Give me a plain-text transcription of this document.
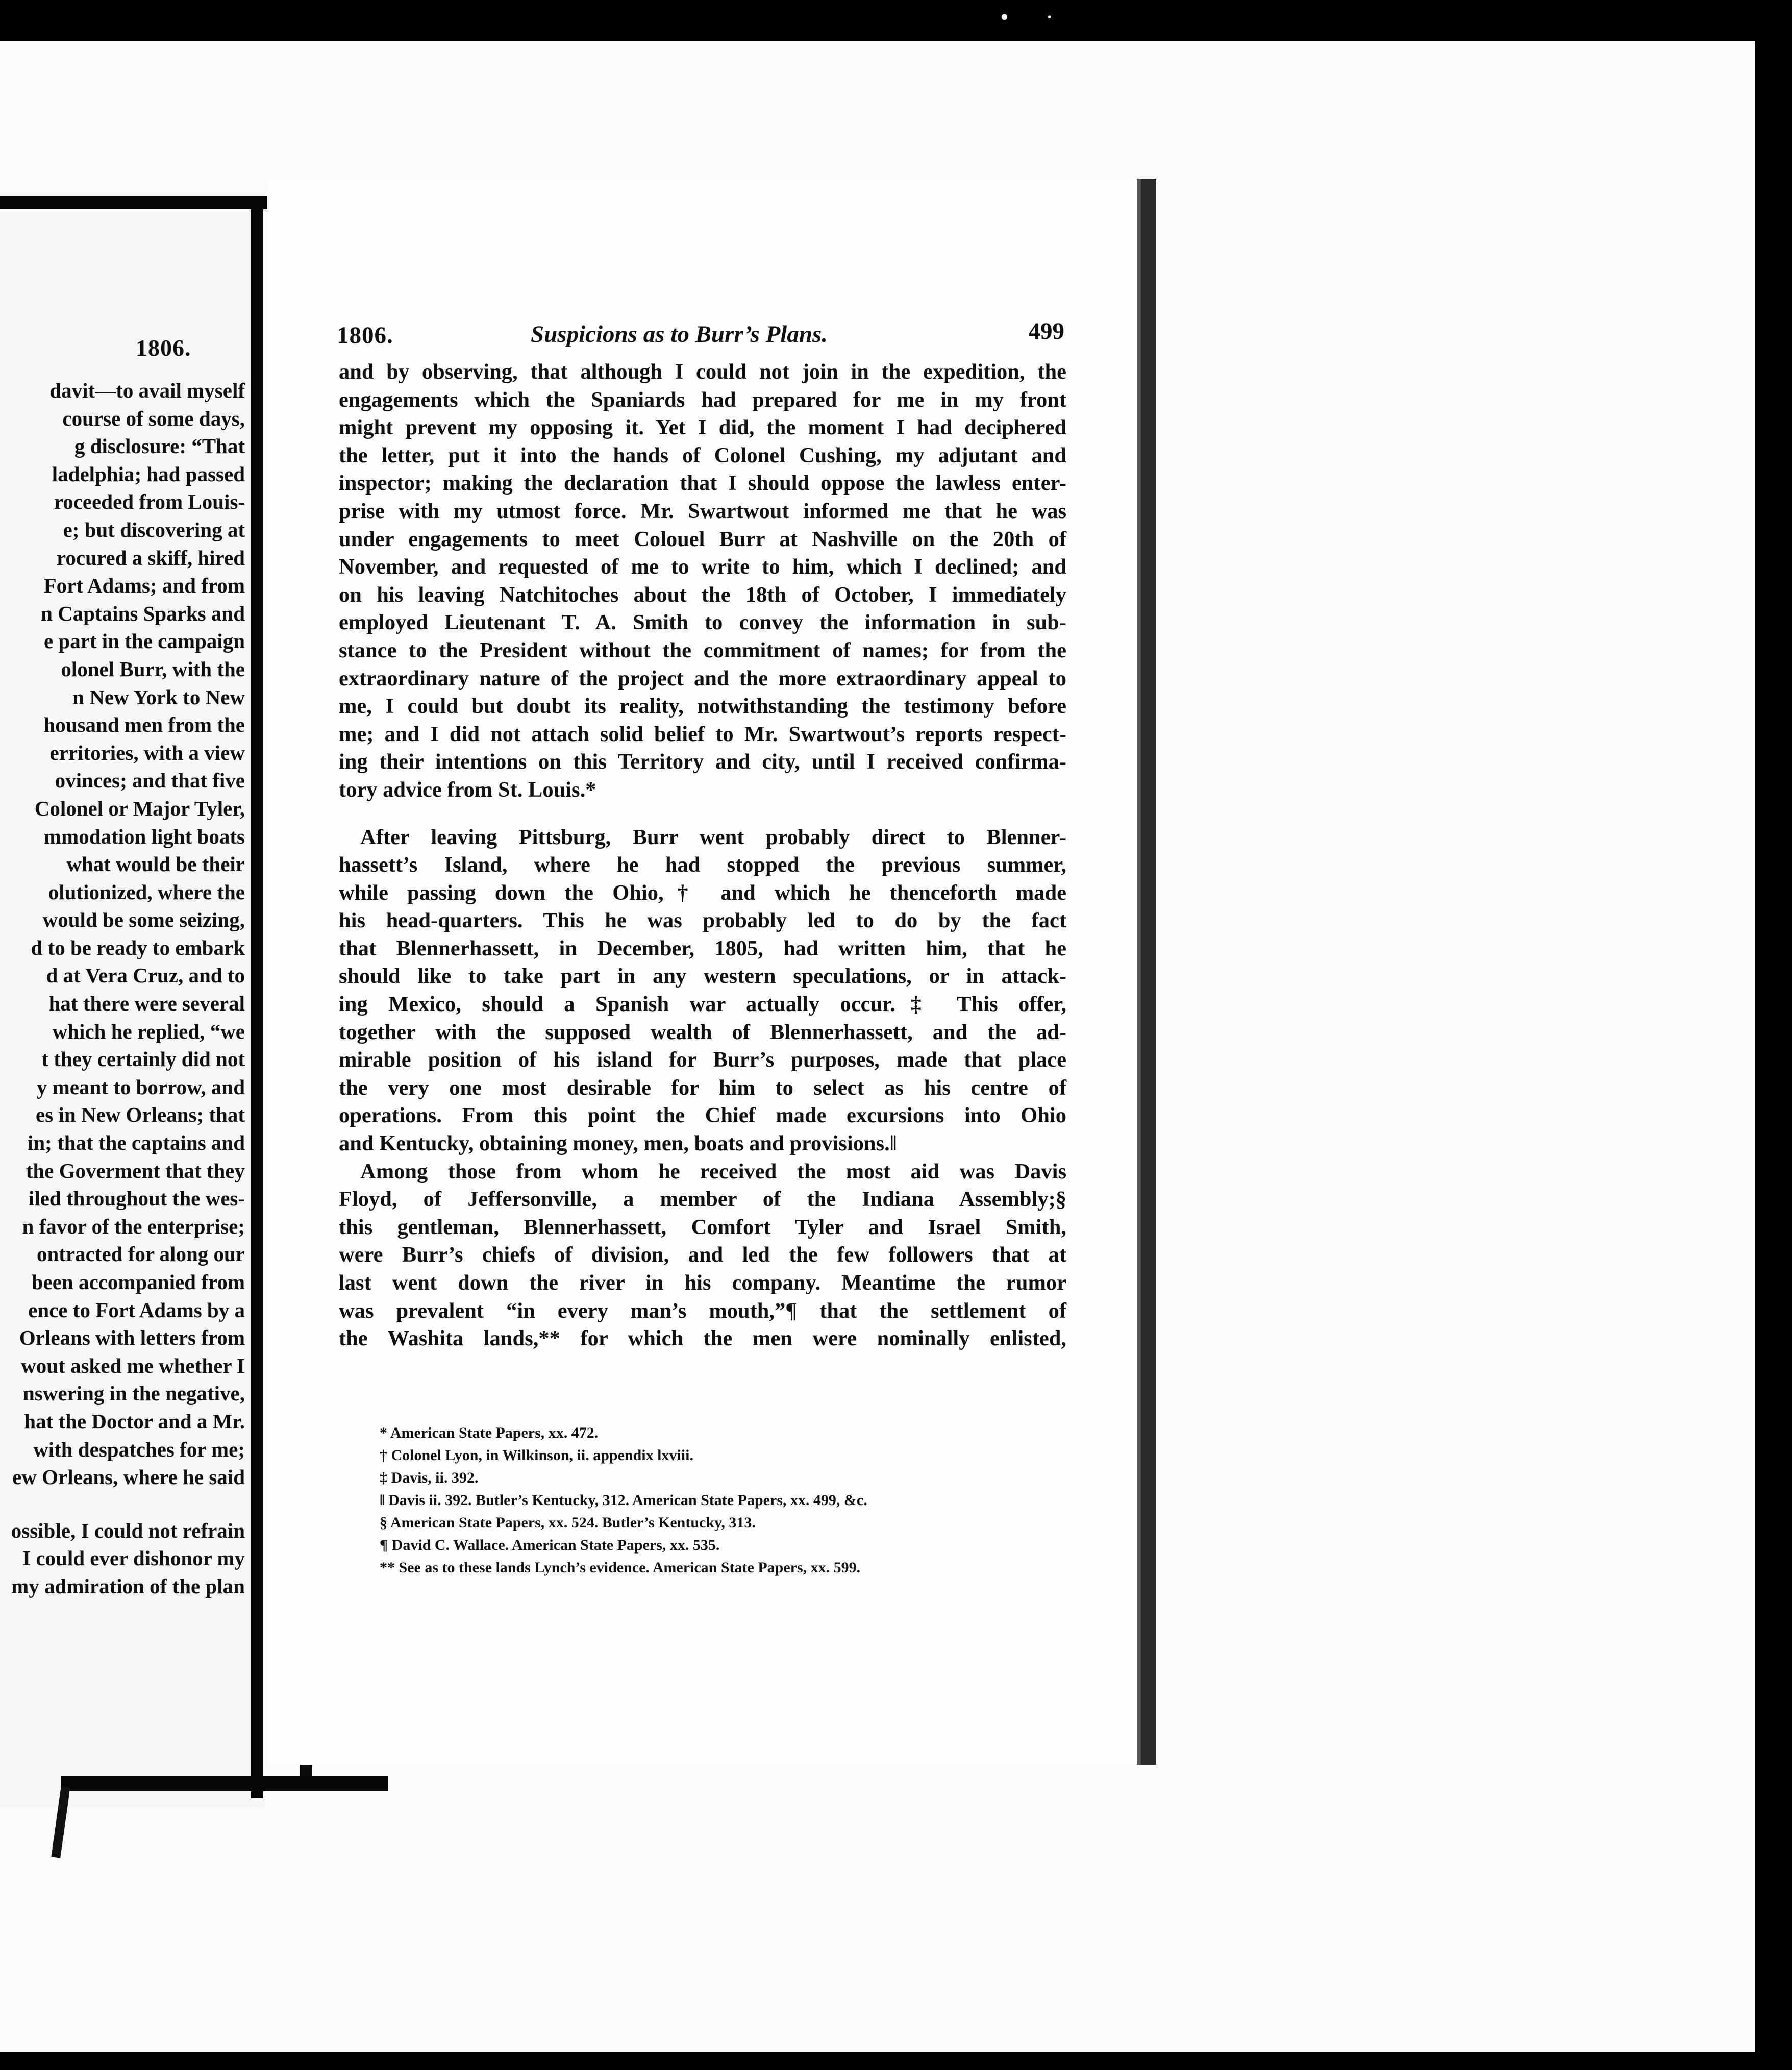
• ·
1806.
davit—to avail myself
course of some days,
g disclosure: “That
ladelphia; had passed
roceeded from Louis-
e; but discovering at
rocured a skiff, hired
Fort Adams; and from
n Captains Sparks and
e part in the campaign
olonel Burr, with the
n New York to New
housand men from the
erritories, with a view
ovinces; and that five
Colonel or Major Tyler,
mmodation light boats
what would be their
olutionized, where the
would be some seizing,
d to be ready to embark
d at Vera Cruz, and to
hat there were several
which he replied, “we
t they certainly did not
y meant to borrow, and
es in New Orleans; that
in; that the captains and
the Goverment that they
iled throughout the wes-
n favor of the enterprise;
ontracted for along our
been accompanied from
ence to Fort Adams by a
Orleans with letters from
wout asked me whether I
nswering in the negative,
hat the Doctor and a Mr.
with despatches for me;
ew Orleans, where he said
ossible, I could not refrain
I could ever dishonor my
my admiration of the plan
1806.	Suspicions as to Burr’s Plans.	499

and by observing, that although I could not join in the expedition, the
engagements which the Spaniards had prepared for me in my front
might prevent my opposing it. Yet I did, the moment I had deciphered
the letter, put it into the hands of Colonel Cushing, my adjutant and
inspector; making the declaration that I should oppose the lawless enter-
prise with my utmost force. Mr. Swartwout informed me that he was
under engagements to meet Colouel Burr at Nashville on the 20th of
November, and requested of me to write to him, which I declined; and
on his leaving Natchitoches about the 18th of October, I immediately
employed Lieutenant T. A. Smith to convey the information in sub-
stance to the President without the commitment of names; for from the
extraordinary nature of the project and the more extraordinary appeal to
me, I could but doubt its reality, notwithstanding the testimony before
me; and I did not attach solid belief to Mr. Swartwout’s reports respect-
ing their intentions on this Territory and city, until I received confirma-
tory advice from St. Louis.*

After leaving Pittsburg, Burr went probably direct to Blenner-
hassett’s Island, where he had stopped the previous summer,
while passing down the Ohio,† and which he thenceforth made
his head-quarters. This he was probably led to do by the fact
that Blennerhassett, in December, 1805, had written him, that he
should like to take part in any western speculations, or in attack-
ing Mexico, should a Spanish war actually occur.‡ This offer,
together with the supposed wealth of Blennerhassett, and the ad-
mirable position of his island for Burr’s purposes, made that place
the very one most desirable for him to select as his centre of
operations. From this point the Chief made excursions into Ohio
and Kentucky, obtaining money, men, boats and provisions.‖

Among those from whom he received the most aid was Davis
Floyd, of Jeffersonville, a member of the Indiana Assembly;§
this gentleman, Blennerhassett, Comfort Tyler and Israel Smith,
were Burr’s chiefs of division, and led the few followers that at
last went down the river in his company. Meantime the rumor
was prevalent “in every man’s mouth,”¶ that the settlement of
the Washita lands,** for which the men were nominally enlisted,

* American State Papers, xx. 472.
† Colonel Lyon, in Wilkinson, ii. appendix lxviii.
‡ Davis, ii. 392.
‖ Davis ii. 392. Butler’s Kentucky, 312. American State Papers, xx. 499, &c.
§ American State Papers, xx. 524. Butler’s Kentucky, 313.
¶ David C. Wallace. American State Papers, xx. 535.
** See as to these lands Lynch’s evidence. American State Papers, xx. 599.
